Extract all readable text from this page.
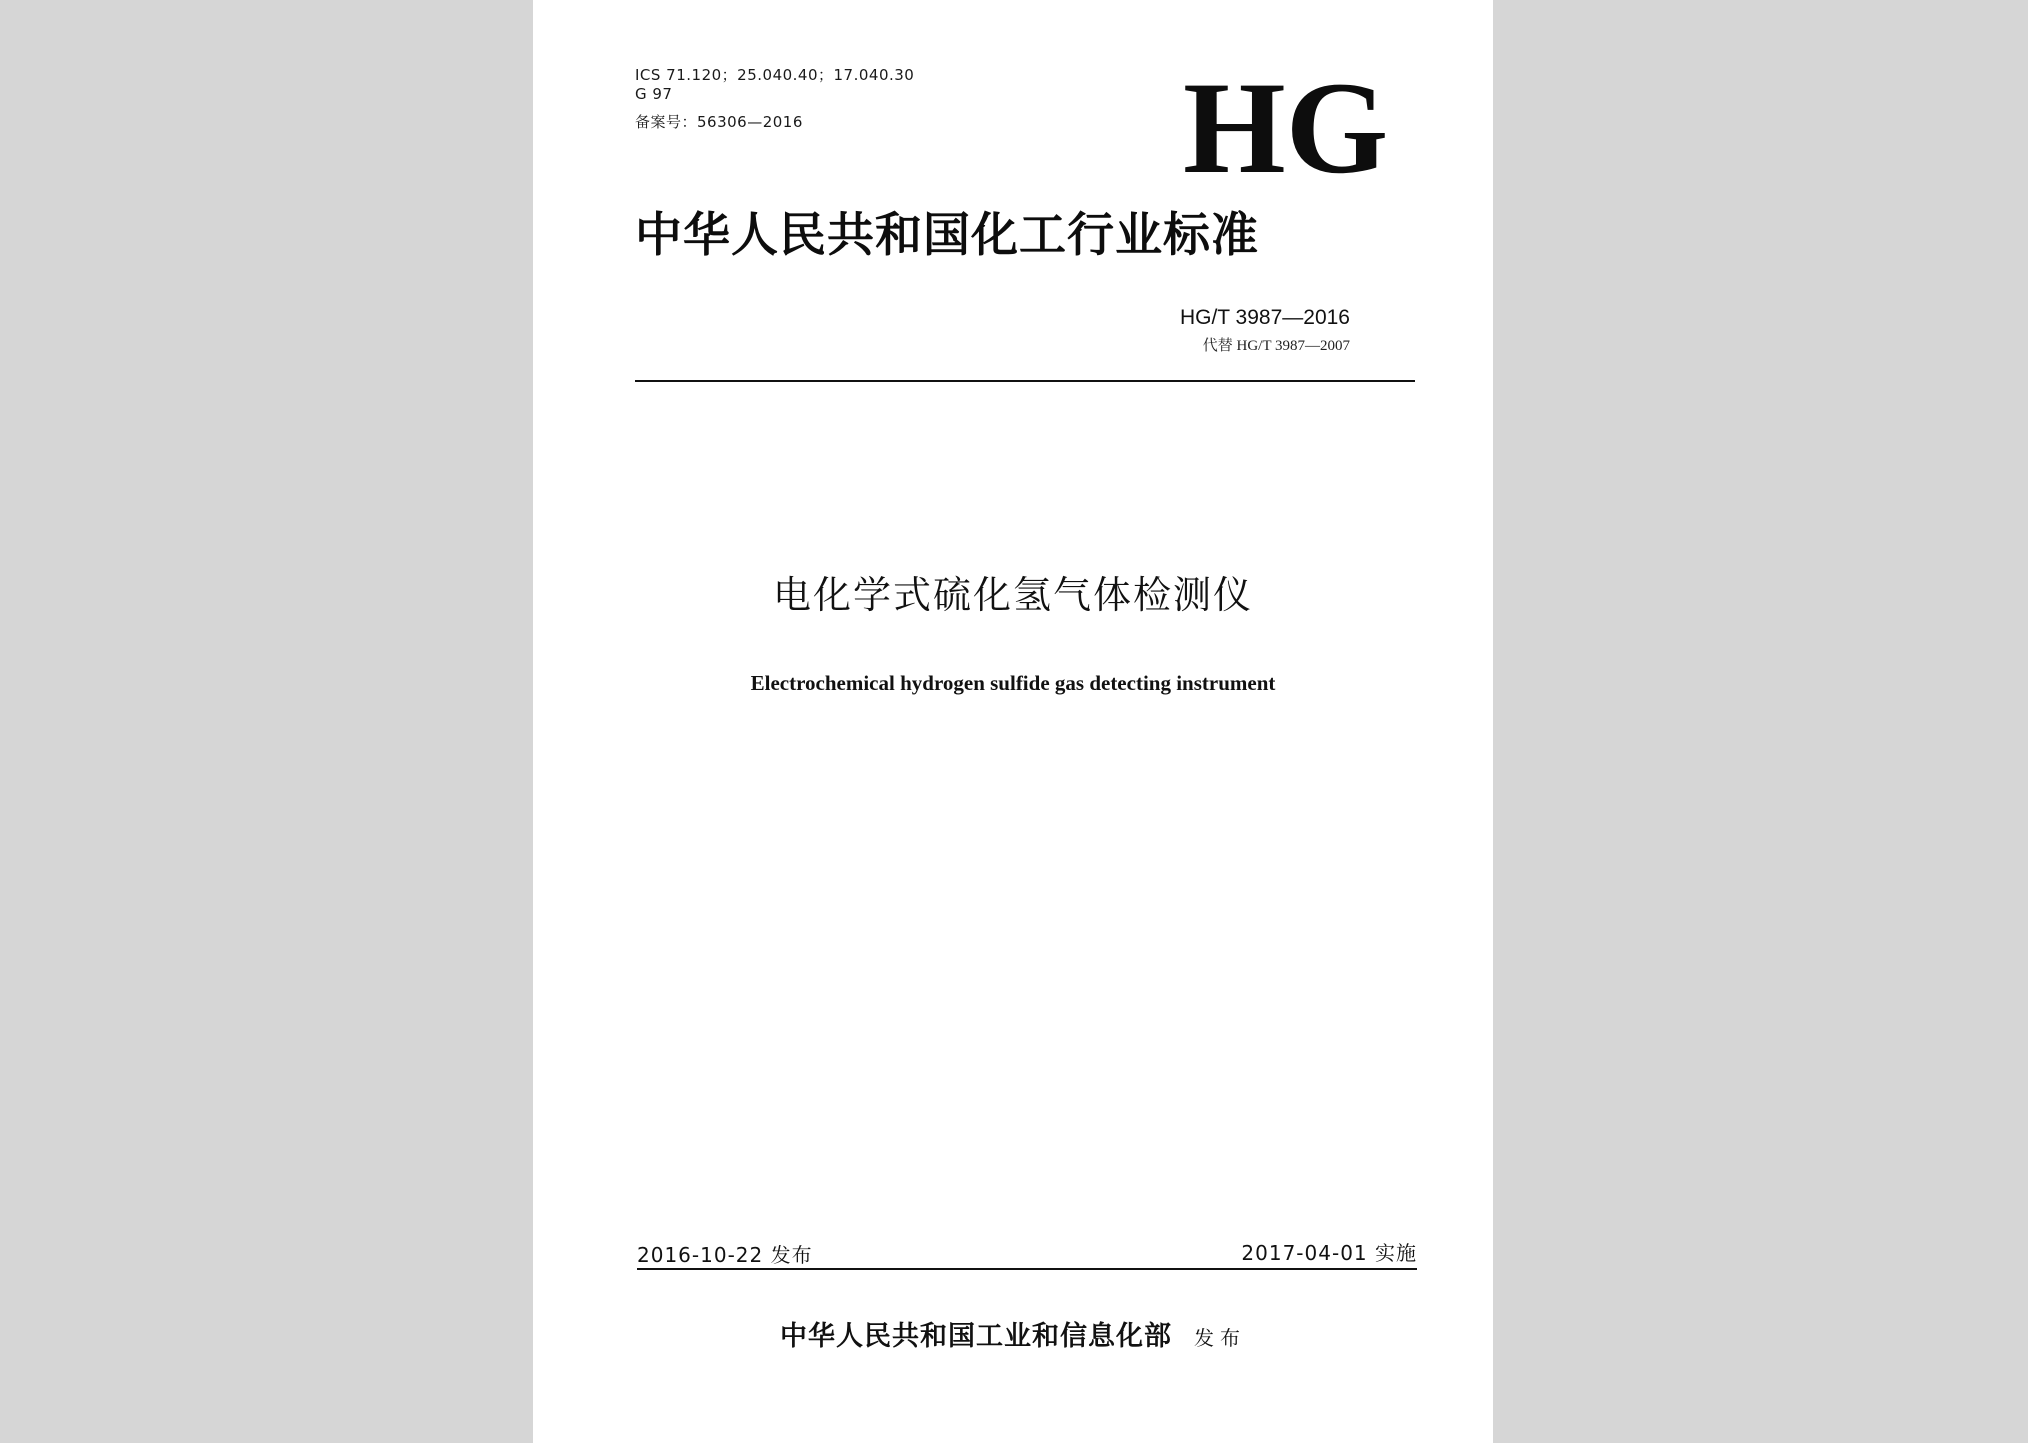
ICS 71.120；25.040.40；17.040.30
G 97
备案号：56306—2016	HG
中华人民共和国化工行业标准
HG/T 3987—2016
代替 HG/T 3987—2007
电化学式硫化氢气体检测仪
Electrochemical hydrogen sulfide gas detecting instrument
2016-10-22 发布	2017-04-01 实施
中华人民共和国工业和信息化部 发布
